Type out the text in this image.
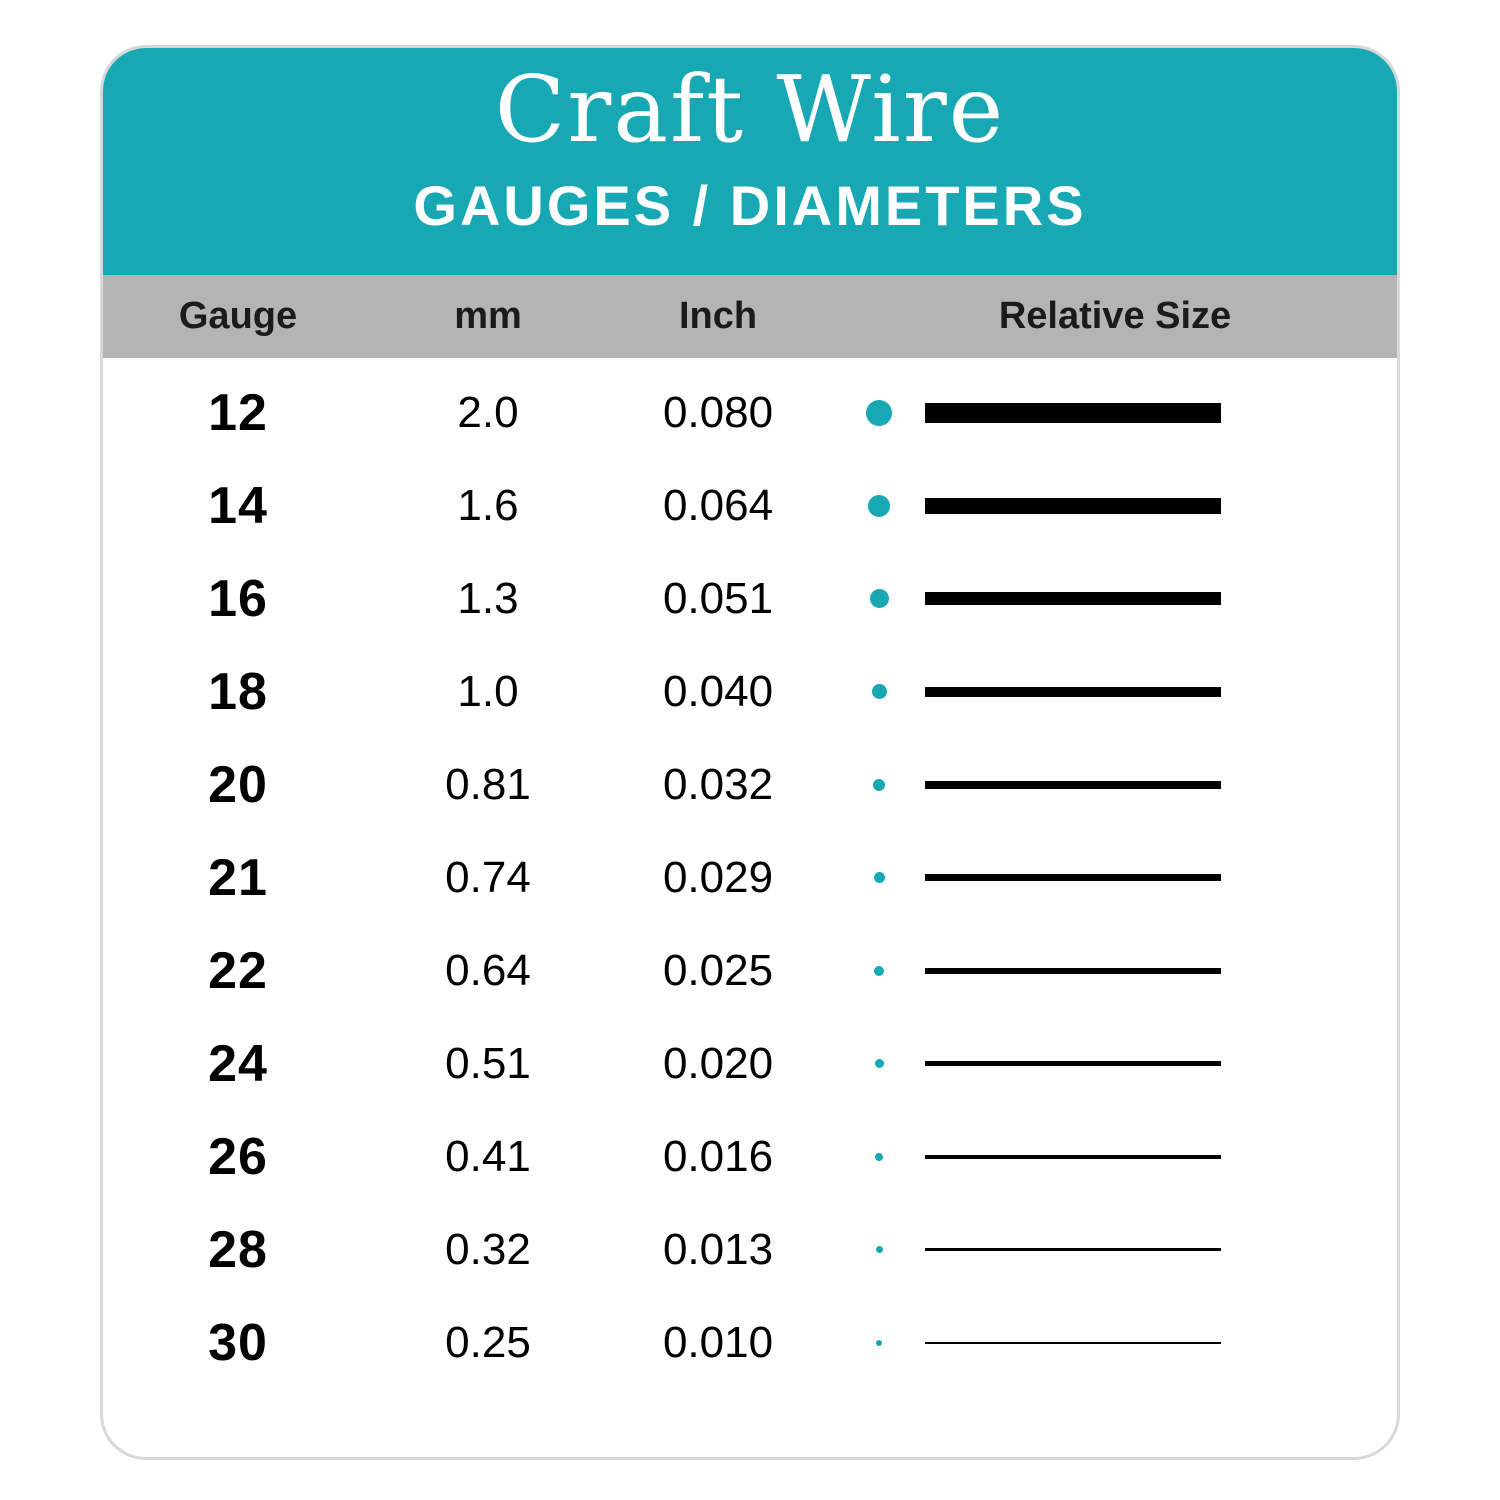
Craft Wire
GAUGES / DIAMETERS
Gauge	mm	Inch	Relative Size
12	2.0	0.080
14	1.6	0.064
16	1.3	0.051
18	1.0	0.040
20	0.81	0.032
21	0.74	0.029
22	0.64	0.025
24	0.51	0.020
26	0.41	0.016
28	0.32	0.013
30	0.25	0.010
